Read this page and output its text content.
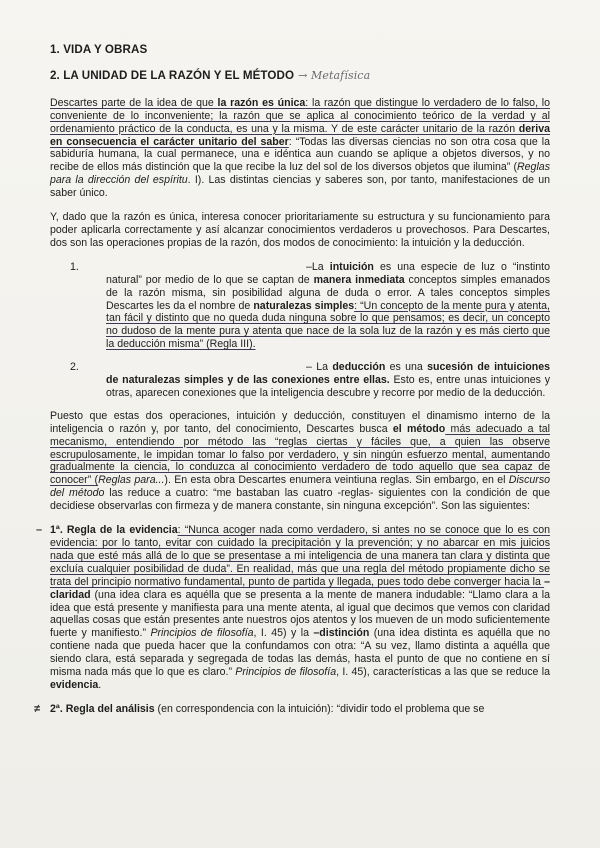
1. VIDA Y OBRAS
2. LA UNIDAD DE LA RAZÓN Y EL MÉTODO → Metafísica

Descartes parte de la idea de que la razón es única: la razón que distingue lo verdadero de lo falso, lo conveniente de lo inconveniente; la razón que se aplica al conocimiento teórico de la verdad y al ordenamiento práctico de la conducta, es una y la misma. Y de este carácter unitario de la razón deriva en consecuencia el carácter unitario del saber: “Todas las diversas ciencias no son otra cosa que la sabiduría humana, la cual permanece, una e idéntica aun cuando se aplique a objetos diversos, y no recibe de ellos más distinción que la que recibe la luz del sol de los diversos objetos que ilumina” (Reglas para la dirección del espíritu. I). Las distintas ciencias y saberes son, por tanto, manifestaciones de un saber único.

Y, dado que la razón es única, interesa conocer prioritariamente su estructura y su funcionamiento para poder aplicarla correctamente y así alcanzar conocimientos verdaderos u provechosos. Para Descartes, dos son las operaciones propias de la razón, dos modos de conocimiento: la intuición y la deducción.

1.	–La intuición es una especie de luz o “instinto natural” por medio de lo que se captan de manera inmediata conceptos simples emanados de la razón misma, sin posibilidad alguna de duda o error. A tales conceptos simples Descartes les da el nombre de naturalezas simples: “Un concepto de la mente pura y atenta, tan fácil y distinto que no queda duda ninguna sobre lo que pensamos; es decir, un concepto no dudoso de la mente pura y atenta que nace de la sola luz de la razón y es más cierto que la deducción misma” (Regla III).

2.	– La deducción es una sucesión de intuiciones de naturalezas simples y de las conexiones entre ellas. Esto es, entre unas intuiciones y otras, aparecen conexiones que la inteligencia descubre y recorre por medio de la deducción.

Puesto que estas dos operaciones, intuición y deducción, constituyen el dinamismo interno de la inteligencia o razón y, por tanto, del conocimiento, Descartes busca el método más adecuado a tal mecanismo, entendiendo por método las “reglas ciertas y fáciles que, a quien las observe escrupulosamente, le impidan tomar lo falso por verdadero, y sin ningún esfuerzo mental, aumentando gradualmente la ciencia, lo conduzca al conocimiento verdadero de todo aquello que sea capaz de conocer” (Reglas para...). En esta obra Descartes enumera veintiuna reglas. Sin embargo, en el Discurso del método las reduce a cuatro: “me bastaban las cuatro -reglas- siguientes con la condición de que decidiese observarlas con firmeza y de manera constante, sin ninguna excepción”. Son las siguientes:

– 1ª. Regla de la evidencia: “Nunca acoger nada como verdadero, si antes no se conoce que lo es con evidencia: por lo tanto, evitar con cuidado la precipitación y la prevención; y no abarcar en mis juicios nada que esté más allá de lo que se presentase a mi inteligencia de una manera tan clara y distinta que excluía cualquier posibilidad de duda”. En realidad, más que una regla del método propiamente dicho se trata del principio normativo fundamental, punto de partida y llegada, pues todo debe converger hacia la –claridad (una idea clara es aquélla que se presenta a la mente de manera indudable: “Llamo clara a la idea que está presente y manifiesta para una mente atenta, al igual que decimos que vemos con claridad aquellas cosas que están presentes ante nuestros ojos atentos y los mueven de un modo suficientemente fuerte y manifiesto.” Principios de filosofía, I. 45) y la –distinción (una idea distinta es aquélla que no contiene nada que pueda hacer que la confundamos con otra: “A su vez, llamo distinta a aquélla que siendo clara, está separada y segregada de todas las demás, hasta el punto de que no contiene en sí misma nada más que lo que es claro.” Principios de filosofía, I. 45), características a las que se reduce la evidencia.

≠ 2ª. Regla del análisis (en correspondencia con la intuición): “dividir todo el problema que se
